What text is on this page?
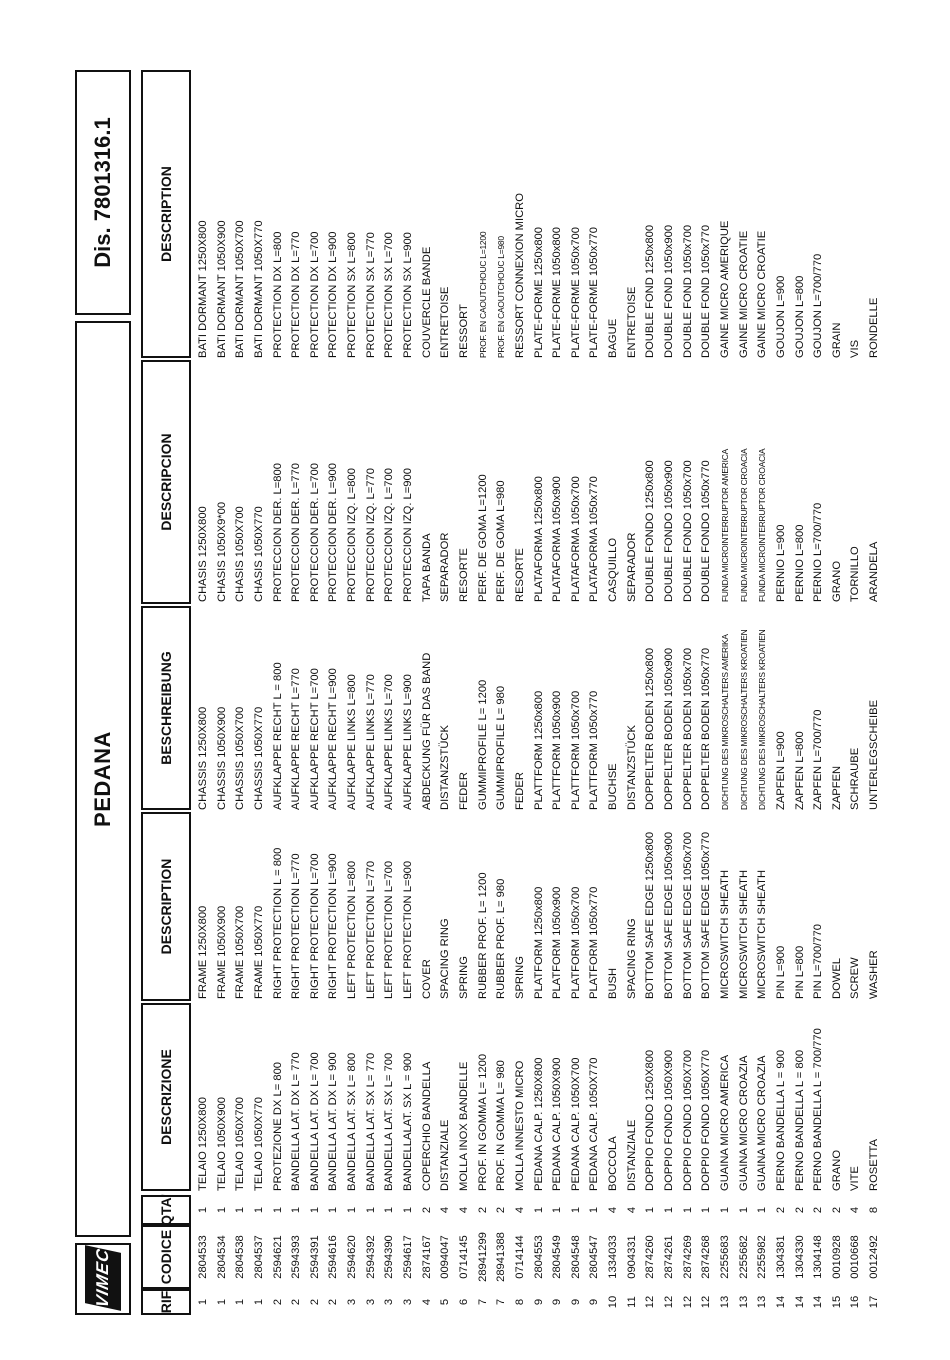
VIMEC
PEDANA
Dis. 7801316.1
RIF
CODICE
QTA'
DESCRIZIONE
DESCRIPTION
BESCHREIBUNG
DESCRIPCION
DESCRIPTION
1
2804533
1
TELAIO 1250X800
FRAME 1250X800
CHASSIS 1250X800
CHASIS 1250X800
BATI DORMANT 1250X800
1
2804534
1
TELAIO 1050X900
FRAME 1050X900
CHASSIS 1050X900
CHASIS 1050X9*00
BATI DORMANT 1050X900
1
2804538
1
TELAIO 1050X700
FRAME 1050X700
CHASSIS 1050X700
CHASIS 1050X700
BATI DORMANT 1050X700
1
2804537
1
TELAIO 1050X770
FRAME 1050X770
CHASSIS 1050X770
CHASIS 1050X770
BATI DORMANT 1050X770
2
2594621
1
PROTEZIONE DX L= 800
RIGHT PROTECTION L = 800
AUFKLAPPE RECHT L = 800
PROTECCION DER. L=800
PROTECTION DX L=800
2
2594393
1
BANDELLA LAT. DX L= 770
RIGHT PROTECTION L=770
AUFKLAPPE RECHT L=770
PROTECCION DER. L=770
PROTECTION DX L=770
2
2594391
1
BANDELLA LAT. DX L= 700
RIGHT PROTECTION L=700
AUFKLAPPE RECHT L=700
PROTECCION DER. L=700
PROTECTION DX L=700
2
2594616
1
BANDELLA LAT. DX L= 900
RIGHT PROTECTION L=900
AUFKLAPPE RECHT L=900
PROTECCION DER. L=900
PROTECTION DX L=900
3
2594620
1
BANDELLA LAT. SX L= 800
LEFT PROTECTION L=800
AUFKLAPPE LINKS L=800
PROTECCION IZQ. L=800
PROTECTION SX L=800
3
2594392
1
BANDELLA LAT. SX L= 770
LEFT PROTECTION L=770
AUFKLAPPE LINKS L=770
PROTECCION IZQ. L=770
PROTECTION SX L=770
3
2594390
1
BANDELLA LAT. SX L= 700
LEFT PROTECTION L=700
AUFKLAPPE LINKS L=700
PROTECCION IZQ. L=700
PROTECTION SX L=700
3
2594617
1
BANDELLALAT. SX L = 900
LEFT PROTECTION L=900
AUFKLAPPE LINKS L=900
PROTECCION IZQ. L=900
PROTECTION SX L=900
4
2874167
2
COPERCHIO BANDELLA
COVER
ABDECKUNG FÜR DAS BAND
TAPA BANDA
COUVERCLE BANDE
5
0094047
4
DISTANZIALE
SPACING RING
DISTANZSTÜCK
SEPARADOR
ENTRETOISE
6
0714145
4
MOLLA INOX BANDELLE
SPRING
FEDER
RESORTE
RESSORT
7
28941299
2
PROF. IN GOMMA L= 1200
RUBBER PROF. L= 1200
GUMMIPROFILE L= 1200
PERF. DE GOMA L=1200
PROF. EN CAOUTCHOUC L=1200
7
28941388
2
PROF. IN GOMMA L= 980
RUBBER PROF. L= 980
GUMMIPROFILE L= 980
PERF. DE GOMA L=980
PROF. EN CAOUTCHOUC L=980
8
0714144
4
MOLLA INNESTO MICRO
SPRING
FEDER
RESORTE
RESSORT CONNEXION MICRO
9
2804553
1
PEDANA CALP. 1250X800
PLATFORM 1250x800
PLATTFORM 1250x800
PLATAFORMA 1250x800
PLATE-FORME 1250x800
9
2804549
1
PEDANA CALP. 1050X900
PLATFORM 1050x900
PLATTFORM 1050x900
PLATAFORMA 1050x900
PLATE-FORME 1050x800
9
2804548
1
PEDANA CALP. 1050X700
PLATFORM 1050x700
PLATTFORM 1050x700
PLATAFORMA 1050x700
PLATE-FORME 1050x700
9
2804547
1
PEDANA CALP. 1050X770
PLATFORM 1050x770
PLATTFORM 1050x770
PLATAFORMA 1050x770
PLATE-FORME 1050x770
10
1334033
4
BOCCOLA
BUSH
BUCHSE
CASQUILLO
BAGUE
11
0904331
4
DISTANZIALE
SPACING RING
DISTANZSTÜCK
SEPARADOR
ENTRETOISE
12
2874260
1
DOPPIO FONDO 1250X800
BOTTOM SAFE EDGE 1250x800
DOPPELTER BODEN 1250x800
DOUBLE FONDO 1250x800
DOUBLE FOND 1250x800
12
2874261
1
DOPPIO FONDO 1050X900
BOTTOM SAFE EDGE 1050x900
DOPPELTER BODEN 1050x900
DOUBLE FONDO 1050x900
DOUBLE FOND 1050x900
12
2874269
1
DOPPIO FONDO 1050X700
BOTTOM SAFE EDGE 1050x700
DOPPELTER BODEN 1050x700
DOUBLE FONDO 1050x700
DOUBLE FOND 1050x700
12
2874268
1
DOPPIO FONDO 1050X770
BOTTOM SAFE EDGE 1050x770
DOPPELTER BODEN 1050x770
DOUBLE FONDO 1050x770
DOUBLE FOND 1050x770
13
2255683
1
GUAINA MICRO AMERICA
MICROSWITCH SHEATH
DICHTUNG DES MIKROSCHALTERS AMERIKA
FUNDA MICROINTERRUPTOR AMERICA
GAINE MICRO AMERIQUE
13
2255682
1
GUAINA MICRO CROAZIA
MICROSWITCH SHEATH
DICHTUNG DES MIKROSCHALTERS KROATIEN
FUNDA MICROINTERRUPTOR CROACIA
GAINE MICRO CROATIE
13
2255982
1
GUAINA MICRO CROAZIA
MICROSWITCH SHEATH
DICHTUNG DES MIKROSCHALTERS KROATIEN
FUNDA MICROINTERRUPTOR CROACIA
GAINE MICRO CROATIE
14
1304381
2
PERNO BANDELLA L = 900
PIN L=900
ZAPFEN L=900
PERNIO L=900
GOUJON L=900
14
1304330
2
PERNO BANDELLA L = 800
PIN L=800
ZAPFEN L=800
PERNIO L=800
GOUJON L=800
14
1304148
2
PERNO BANDELLA L = 700/770
PIN L=700/770
ZAPFEN L=700/770
PERNIO L=700/770
GOUJON L=700/770
15
0010928
2
GRANO
DOWEL
ZAPFEN
GRANO
GRAIN
16
0010668
4
VITE
SCREW
SCHRAUBE
TORNILLO
VIS
17
0012492
8
ROSETTA
WASHER
UNTERLEGSCHEIBE
ARANDELA
RONDELLE
